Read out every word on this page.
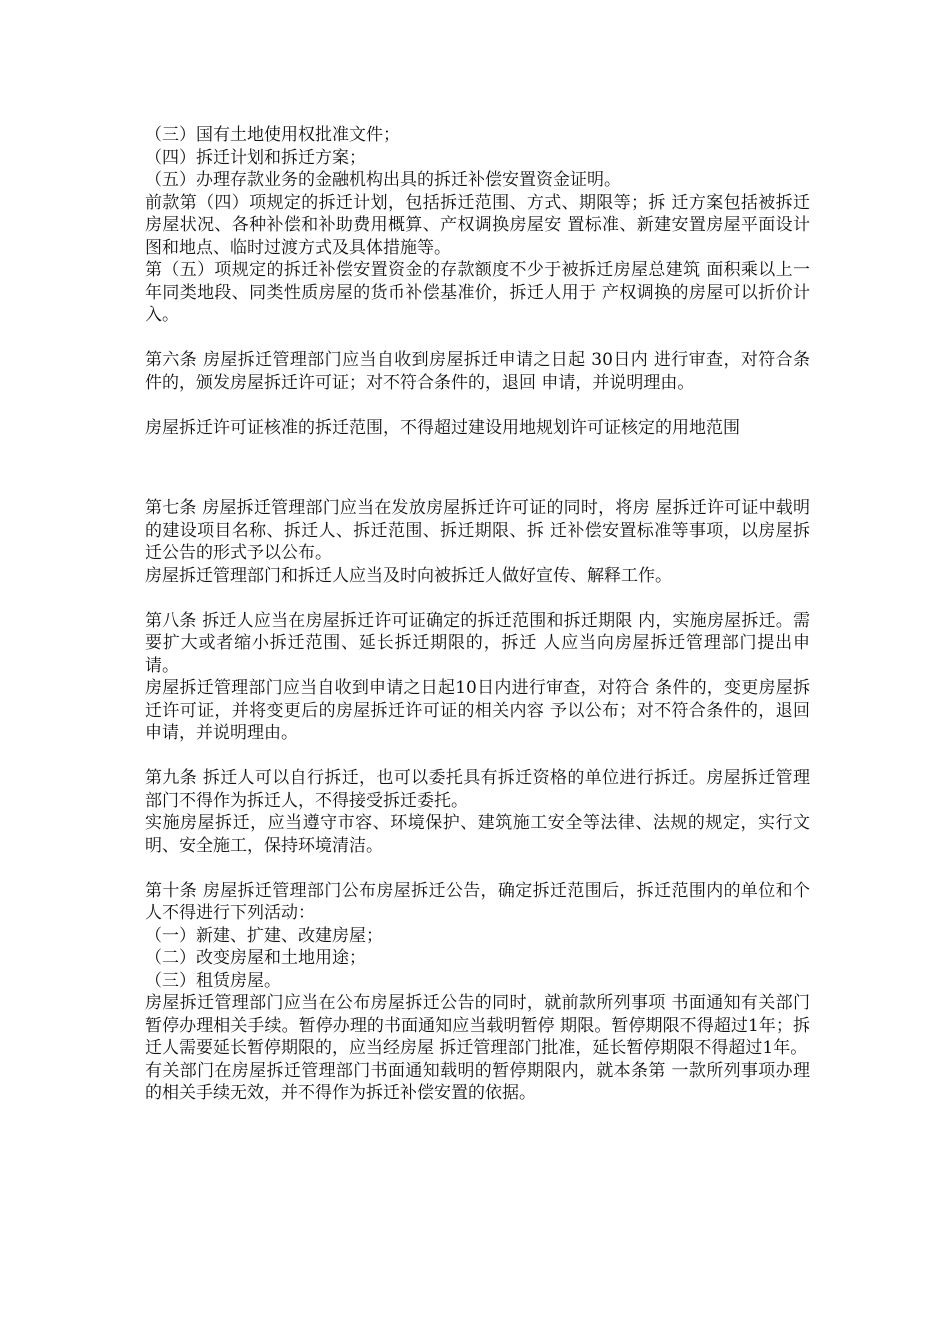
（三）国有土地使用权批准文件；

（四）拆迁计划和拆迁方案；

（五）办理存款业务的金融机构出具的拆迁补偿安置资金证明。

前款第（四）项规定的拆迁计划，包括拆迁范围、方式、期限等；拆 迁方案包括被拆迁房屋状况、各种补偿和补助费用概算、产权调换房屋安 置标准、新建安置房屋平面设计图和地点、临时过渡方式及具体措施等。

第（五）项规定的拆迁补偿安置资金的存款额度不少于被拆迁房屋总建筑 面积乘以上一年同类地段、同类性质房屋的货币补偿基准价，拆迁人用于 产权调换的房屋可以折价计入。

第六条 房屋拆迁管理部门应当自收到房屋拆迁申请之日起 30日内 进行审查，对符合条件的，颁发房屋拆迁许可证；对不符合条件的，退回 申请，并说明理由。

房屋拆迁许可证核准的拆迁范围，不得超过建设用地规划许可证核定的用地范围

第七条 房屋拆迁管理部门应当在发放房屋拆迁许可证的同时，将房 屋拆迁许可证中载明的建设项目名称、拆迁人、拆迁范围、拆迁期限、拆 迁补偿安置标准等事项，以房屋拆迁公告的形式予以公布。

房屋拆迁管理部门和拆迁人应当及时向被拆迁人做好宣传、解释工作。

第八条 拆迁人应当在房屋拆迁许可证确定的拆迁范围和拆迁期限 内，实施房屋拆迁。需要扩大或者缩小拆迁范围、延长拆迁期限的，拆迁 人应当向房屋拆迁管理部门提出申请。

房屋拆迁管理部门应当自收到申请之日起10日内进行审查，对符合 条件的，变更房屋拆迁许可证，并将变更后的房屋拆迁许可证的相关内容 予以公布；对不符合条件的，退回申请，并说明理由。

第九条 拆迁人可以自行拆迁，也可以委托具有拆迁资格的单位进行拆迁。房屋拆迁管理部门不得作为拆迁人，不得接受拆迁委托。

实施房屋拆迁，应当遵守市容、环境保护、建筑施工安全等法律、法规的规定，实行文明、安全施工，保持环境清洁。

第十条 房屋拆迁管理部门公布房屋拆迁公告，确定拆迁范围后，拆迁范围内的单位和个人不得进行下列活动：

（一）新建、扩建、改建房屋；

（二）改变房屋和土地用途；

（三）租赁房屋。

房屋拆迁管理部门应当在公布房屋拆迁公告的同时，就前款所列事项 书面通知有关部门暂停办理相关手续。暂停办理的书面通知应当载明暂停 期限。暂停期限不得超过1年；拆迁人需要延长暂停期限的，应当经房屋 拆迁管理部门批准，延长暂停期限不得超过1年。

有关部门在房屋拆迁管理部门书面通知载明的暂停期限内，就本条第 一款所列事项办理的相关手续无效，并不得作为拆迁补偿安置的依据。
